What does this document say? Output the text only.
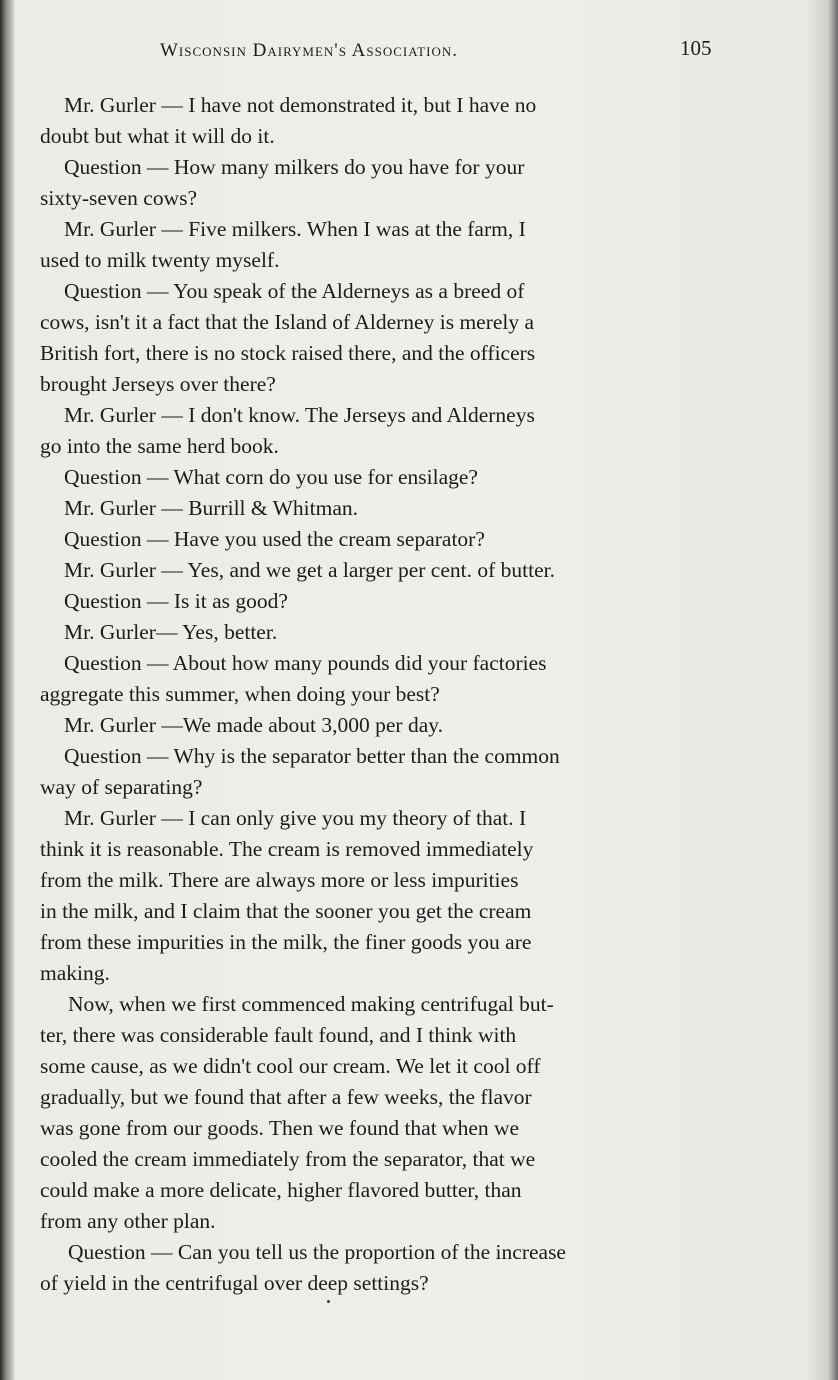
Wisconsin Dairymen's Association.	105

Mr. Gurler — I have not demonstrated it, but I have no
doubt but what it will do it.

Question — How many milkers do you have for your
sixty-seven cows?

Mr. Gurler — Five milkers. When I was at the farm, I
used to milk twenty myself.

Question — You speak of the Alderneys as a breed of
cows, isn't it a fact that the Island of Alderney is merely a
British fort, there is no stock raised there, and the officers
brought Jerseys over there?

Mr. Gurler — I don't know. The Jerseys and Alderneys
go into the same herd book.

Question — What corn do you use for ensilage?

Mr. Gurler — Burrill & Whitman.

Question — Have you used the cream separator?

Mr. Gurler — Yes, and we get a larger per cent. of butter.

Question — Is it as good?

Mr. Gurler— Yes, better.

Question — About how many pounds did your factories
aggregate this summer, when doing your best?

Mr. Gurler —We made about 3,000 per day.

Question — Why is the separator better than the common
way of separating?

Mr. Gurler — I can only give you my theory of that. I
think it is reasonable. The cream is removed immediately
from the milk. There are always more or less impurities
in the milk, and I claim that the sooner you get the cream
from these impurities in the milk, the finer goods you are
making.

Now, when we first commenced making centrifugal but-
ter, there was considerable fault found, and I think with
some cause, as we didn't cool our cream. We let it cool off
gradually, but we found that after a few weeks, the flavor
was gone from our goods. Then we found that when we
cooled the cream immediately from the separator, that we
could make a more delicate, higher flavored butter, than
from any other plan.

Question — Can you tell us the proportion of the increase
of yield in the centrifugal over deep settings?
